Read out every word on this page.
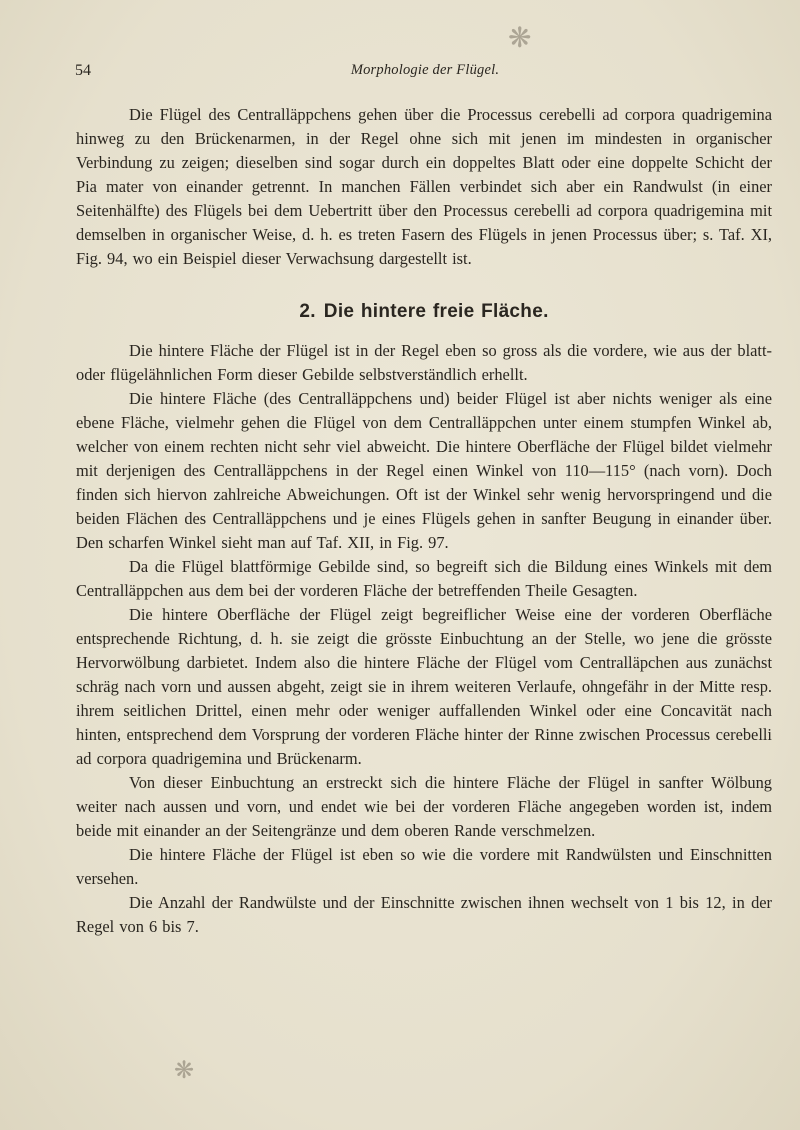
❋
❋
54	Morphologie der Flügel.

Die Flügel des Centralläppchens gehen über die Processus cerebelli ad corpora quadrigemina hinweg zu den Brückenarmen, in der Regel ohne sich mit jenen im mindesten in organischer Verbindung zu zeigen; dieselben sind sogar durch ein doppeltes Blatt oder eine doppelte Schicht der Pia mater von einander getrennt. In manchen Fällen verbindet sich aber ein Randwulst (in einer Seitenhälfte) des Flügels bei dem Uebertritt über den Processus cerebelli ad corpora quadrigemina mit demselben in organischer Weise, d. h. es treten Fasern des Flügels in jenen Processus über; s. Taf. XI, Fig. 94, wo ein Beispiel dieser Verwachsung dargestellt ist.

2. Die hintere freie Fläche.

Die hintere Fläche der Flügel ist in der Regel eben so gross als die vordere, wie aus der blatt- oder flügelähnlichen Form dieser Gebilde selbstverständlich erhellt.

Die hintere Fläche (des Centralläppchens und) beider Flügel ist aber nichts weniger als eine ebene Fläche, vielmehr gehen die Flügel von dem Centralläppchen unter einem stumpfen Winkel ab, welcher von einem rechten nicht sehr viel abweicht. Die hintere Oberfläche der Flügel bildet vielmehr mit derjenigen des Centralläppchens in der Regel einen Winkel von 110—115° (nach vorn). Doch finden sich hiervon zahlreiche Abweichungen. Oft ist der Winkel sehr wenig hervorspringend und die beiden Flächen des Centralläppchens und je eines Flügels gehen in sanfter Beugung in einander über. Den scharfen Winkel sieht man auf Taf. XII, in Fig. 97.

Da die Flügel blattförmige Gebilde sind, so begreift sich die Bildung eines Winkels mit dem Centralläppchen aus dem bei der vorderen Fläche der betreffenden Theile Gesagten.

Die hintere Oberfläche der Flügel zeigt begreiflicher Weise eine der vorderen Oberfläche entsprechende Richtung, d. h. sie zeigt die grösste Einbuchtung an der Stelle, wo jene die grösste Hervorwölbung darbietet. Indem also die hintere Fläche der Flügel vom Centralläpchen aus zunächst schräg nach vorn und aussen abgeht, zeigt sie in ihrem weiteren Verlaufe, ohngefähr in der Mitte resp. ihrem seitlichen Drittel, einen mehr oder weniger auffallenden Winkel oder eine Concavität nach hinten, entsprechend dem Vorsprung der vorderen Fläche hinter der Rinne zwischen Processus cerebelli ad corpora quadrigemina und Brückenarm.

Von dieser Einbuchtung an erstreckt sich die hintere Fläche der Flügel in sanfter Wölbung weiter nach aussen und vorn, und endet wie bei der vorderen Fläche angegeben worden ist, indem beide mit einander an der Seitengränze und dem oberen Rande verschmelzen.

Die hintere Fläche der Flügel ist eben so wie die vordere mit Randwülsten und Einschnitten versehen.

Die Anzahl der Randwülste und der Einschnitte zwischen ihnen wechselt von 1 bis 12, in der Regel von 6 bis 7.
